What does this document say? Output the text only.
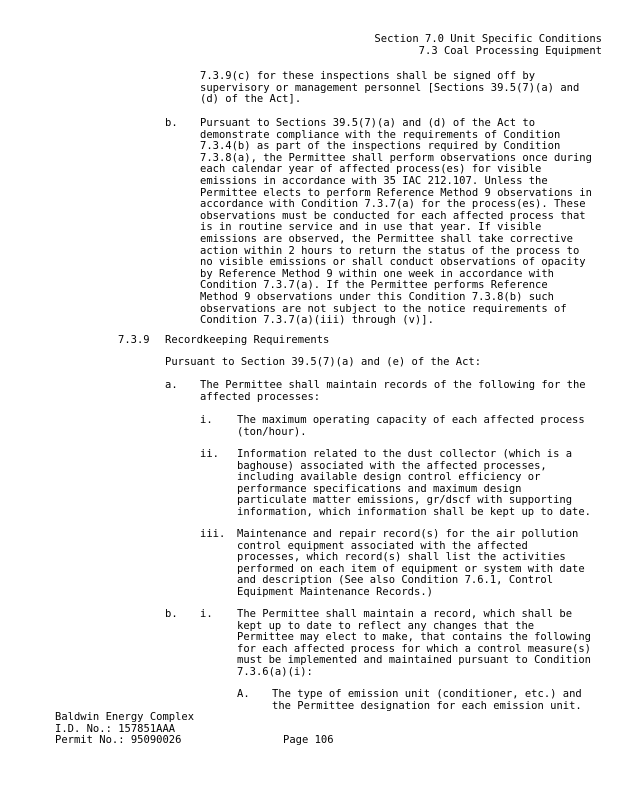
Section 7.0 Unit Specific Conditions
7.3 Coal Processing Equipment
7.3.9(c) for these inspections shall be signed off by
supervisory or management personnel [Sections 39.5(7)(a) and
(d) of the Act].
b. Pursuant to Sections 39.5(7)(a) and (d) of the Act to
demonstrate compliance with the requirements of Condition
7.3.4(b) as part of the inspections required by Condition
7.3.8(a), the Permittee shall perform observations once during
each calendar year of affected process(es) for visible
emissions in accordance with 35 IAC 212.107. Unless the
Permittee elects to perform Reference Method 9 observations in
accordance with Condition 7.3.7(a) for the process(es). These
observations must be conducted for each affected process that
is in routine service and in use that year. If visible
emissions are observed, the Permittee shall take corrective
action within 2 hours to return the status of the process to
no visible emissions or shall conduct observations of opacity
by Reference Method 9 within one week in accordance with
Condition 7.3.7(a). If the Permittee performs Reference
Method 9 observations under this Condition 7.3.8(b) such
observations are not subject to the notice requirements of
Condition 7.3.7(a)(iii) through (v)].
7.3.9 Recordkeeping Requirements
Pursuant to Section 39.5(7)(a) and (e) of the Act:
a. The Permittee shall maintain records of the following for the
affected processes:
i. The maximum operating capacity of each affected process
(ton/hour).
ii. Information related to the dust collector (which is a
baghouse) associated with the affected processes,
including available design control efficiency or
performance specifications and maximum design
particulate matter emissions, gr/dscf with supporting
information, which information shall be kept up to date.
iii. Maintenance and repair record(s) for the air pollution
control equipment associated with the affected
processes, which record(s) shall list the activities
performed on each item of equipment or system with date
and description (See also Condition 7.6.1, Control
Equipment Maintenance Records.)
b. i. The Permittee shall maintain a record, which shall be
kept up to date to reflect any changes that the
Permittee may elect to make, that contains the following
for each affected process for which a control measure(s)
must be implemented and maintained pursuant to Condition
7.3.6(a)(i):
A. The type of emission unit (conditioner, etc.) and
the Permittee designation for each emission unit.
Baldwin Energy Complex
I.D. No.: 157851AAA
Permit No.: 95090026	Page 106
